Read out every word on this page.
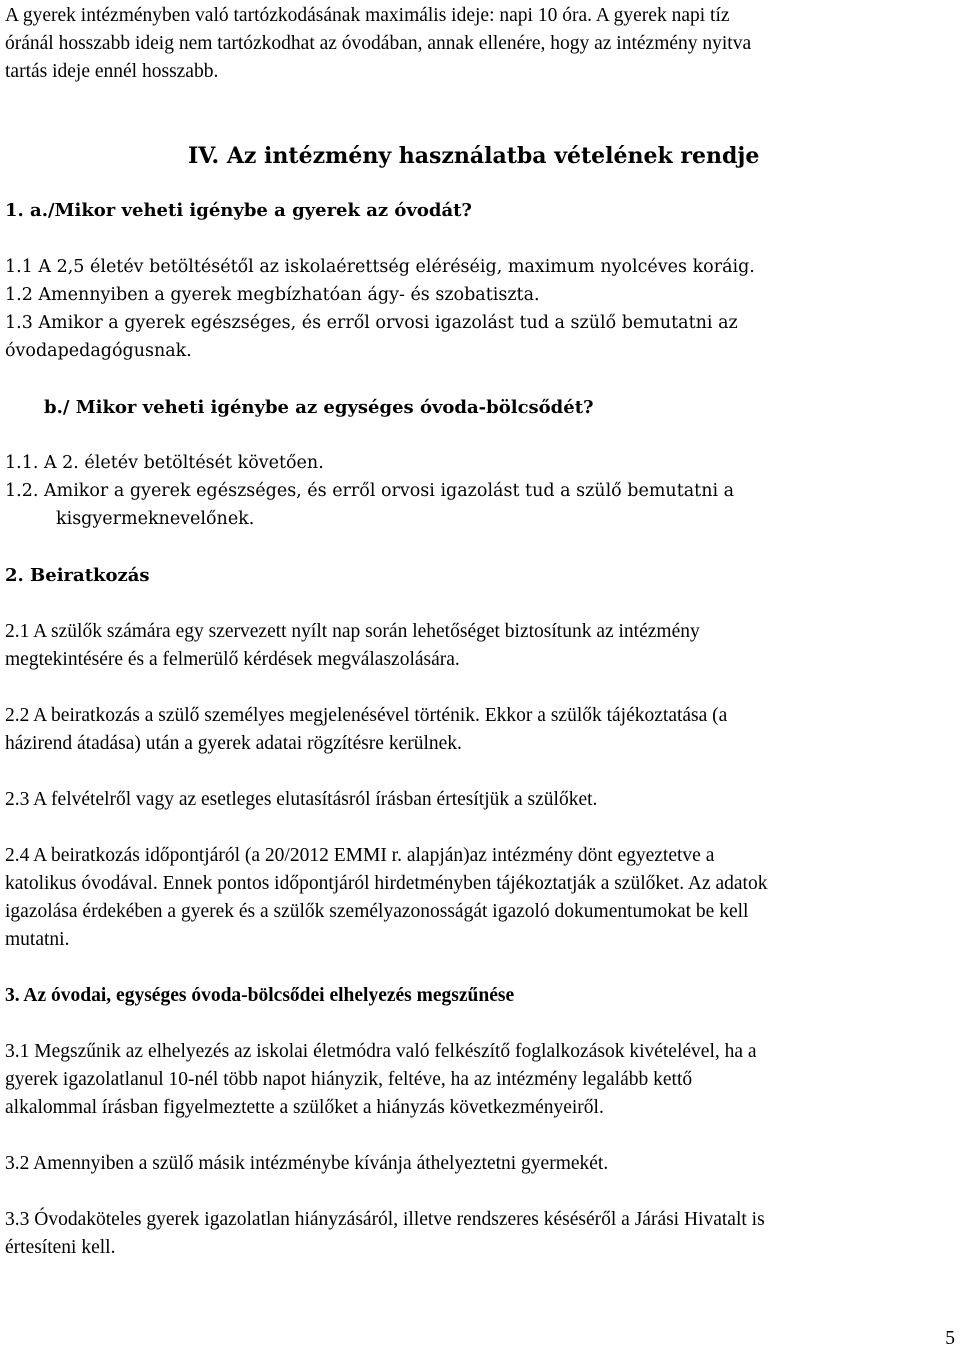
A gyerek intézményben való tartózkodásának maximális ideje: napi 10 óra. A gyerek napi tíz
óránál hosszabb ideig nem tartózkodhat az óvodában, annak ellenére, hogy az intézmény nyitva
tartás ideje ennél hosszabb.
IV. Az intézmény használatba vételének rendje
1. a./Mikor veheti igénybe a gyerek az óvodát?
1.1 A 2,5 életév betöltésétől az iskolaérettség eléréséig, maximum nyolcéves koráig.
1.2 Amennyiben a gyerek megbízhatóan ágy- és szobatiszta.
1.3 Amikor a gyerek egészséges, és erről orvosi igazolást tud a szülő bemutatni az
óvodapedagógusnak.
b./ Mikor veheti igénybe az egységes óvoda-bölcsődét?
1.1. A 2. életév betöltését követően.
1.2. Amikor a gyerek egészséges, és erről orvosi igazolást tud a szülő bemutatni a
kisgyermeknevelőnek.
2. Beiratkozás
2.1 A szülők számára egy szervezett nyílt nap során lehetőséget biztosítunk az intézmény
megtekintésére és a felmerülő kérdések megválaszolására.
2.2 A beiratkozás a szülő személyes megjelenésével történik. Ekkor a szülők tájékoztatása (a
házirend átadása) után a gyerek adatai rögzítésre kerülnek.
2.3 A felvételről vagy az esetleges elutasításról írásban értesítjük a szülőket.
2.4 A beiratkozás időpontjáról (a 20/2012 EMMI r. alapján)az intézmény dönt egyeztetve a
katolikus óvodával. Ennek pontos időpontjáról hirdetményben tájékoztatják a szülőket. Az adatok
igazolása érdekében a gyerek és a szülők személyazonosságát igazoló dokumentumokat be kell
mutatni.
3. Az óvodai, egységes óvoda-bölcsődei elhelyezés megszűnése
3.1 Megszűnik az elhelyezés az iskolai életmódra való felkészítő foglalkozások kivételével, ha a
gyerek igazolatlanul 10-nél több napot hiányzik, feltéve, ha az intézmény legalább kettő
alkalommal írásban figyelmeztette a szülőket a hiányzás következményeiről.
3.2 Amennyiben a szülő másik intézménybe kívánja áthelyeztetni gyermekét.
3.3 Óvodaköteles gyerek igazolatlan hiányzásáról, illetve rendszeres késéséről a Járási Hivatalt is
értesíteni kell.
5
